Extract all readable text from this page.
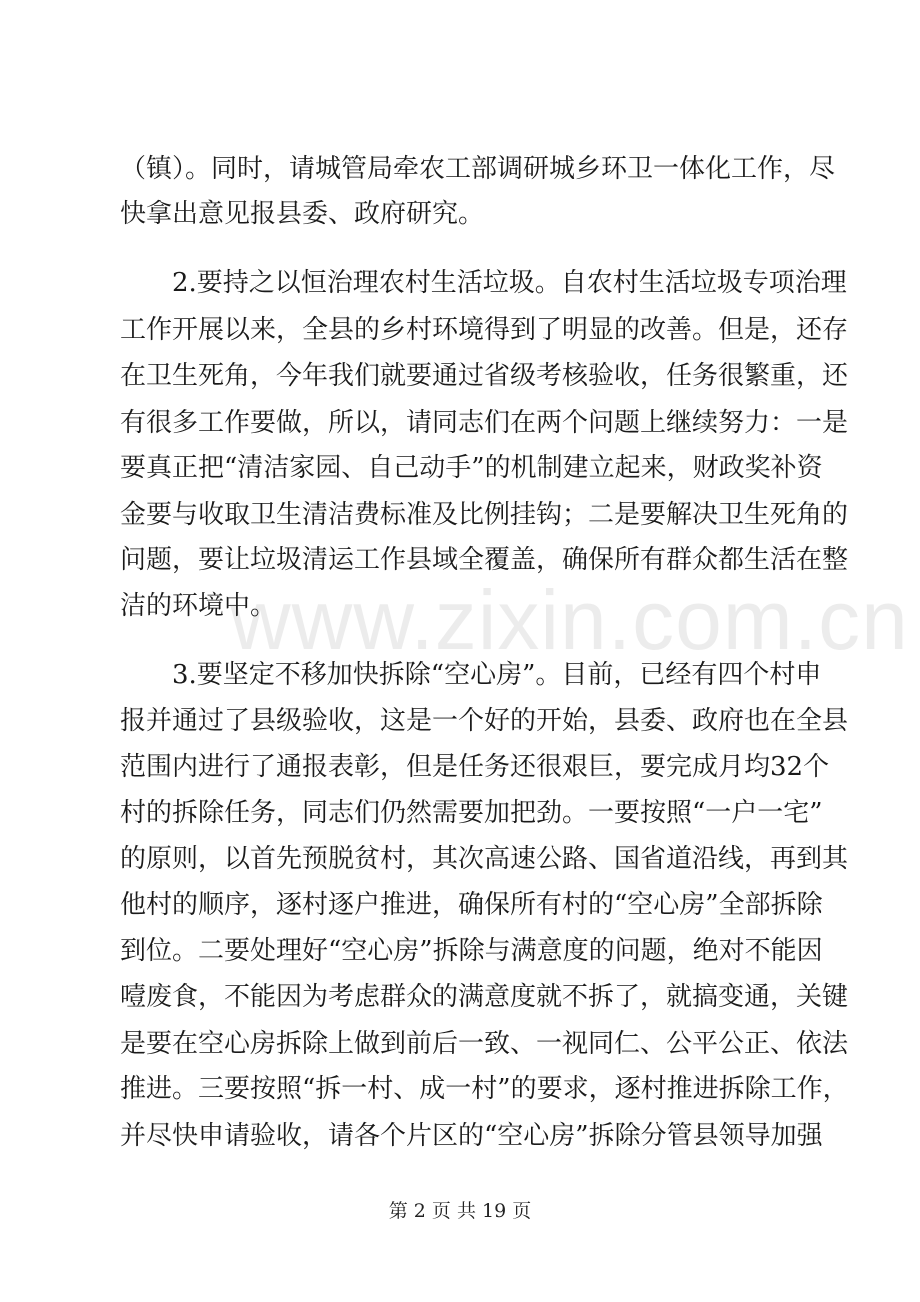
www.zixin.com.cn
（镇）。同时，请城管局牵农工部调研城乡环卫一体化工作，尽
快拿出意见报县委、政府研究。
2.要持之以恒治理农村生活垃圾。自农村生活垃圾专项治理
工作开展以来，全县的乡村环境得到了明显的改善。但是，还存
在卫生死角，今年我们就要通过省级考核验收，任务很繁重，还
有很多工作要做，所以，请同志们在两个问题上继续努力：一是
要真正把“清洁家园、自己动手”的机制建立起来，财政奖补资
金要与收取卫生清洁费标准及比例挂钩；二是要解决卫生死角的
问题，要让垃圾清运工作县域全覆盖，确保所有群众都生活在整
洁的环境中。
3.要坚定不移加快拆除“空心房”。目前，已经有四个村申
报并通过了县级验收，这是一个好的开始，县委、政府也在全县
范围内进行了通报表彰，但是任务还很艰巨，要完成月均32个
村的拆除任务，同志们仍然需要加把劲。一要按照“一户一宅”
的原则，以首先预脱贫村，其次高速公路、国省道沿线，再到其
他村的顺序，逐村逐户推进，确保所有村的“空心房”全部拆除
到位。二要处理好“空心房”拆除与满意度的问题，绝对不能因
噎废食，不能因为考虑群众的满意度就不拆了，就搞变通，关键
是要在空心房拆除上做到前后一致、一视同仁、公平公正、依法
推进。三要按照“拆一村、成一村”的要求，逐村推进拆除工作，
并尽快申请验收，请各个片区的“空心房”拆除分管县领导加强
第 2 页 共 19 页
